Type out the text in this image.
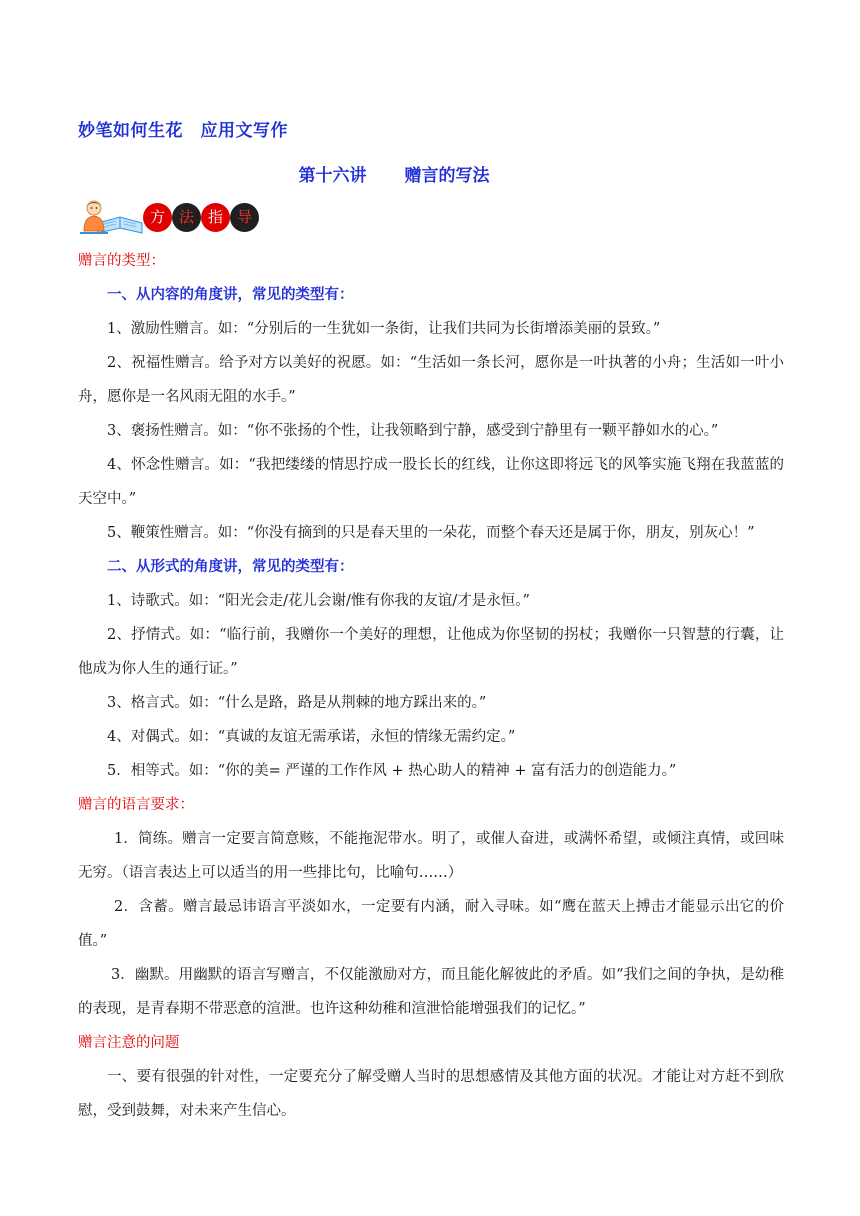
妙笔如何生花　应用文写作
第十六讲 赠言的写法
方 法 指 导

赠言的类型：

一、从内容的角度讲，常见的类型有：

1、激励性赠言。如：“分别后的一生犹如一条街，让我们共同为长街增添美丽的景致。”

2、祝福性赠言。给予对方以美好的祝愿。如：“生活如一条长河，愿你是一叶执著的小舟；生活如一叶小舟，愿你是一名风雨无阻的水手。”

3、褒扬性赠言。如：“你不张扬的个性，让我领略到宁静，感受到宁静里有一颗平静如水的心。”

4、怀念性赠言。如：“我把缕缕的情思拧成一股长长的红线，让你这即将远飞的风筝实施飞翔在我蓝蓝的天空中。”

5、鞭策性赠言。如：“你没有摘到的只是春天里的一朵花，而整个春天还是属于你，朋友，别灰心！”

二、从形式的角度讲，常见的类型有：

1、诗歌式。如：“阳光会走/花儿会谢/惟有你我的友谊/才是永恒。”

2、抒情式。如：“临行前，我赠你一个美好的理想，让他成为你坚韧的拐杖；我赠你一只智慧的行囊，让他成为你人生的通行证。”

3、格言式。如：“什么是路，路是从荆棘的地方踩出来的。”

4、对偶式。如：“真诚的友谊无需承诺，永恒的情缘无需约定。”

5．相等式。如：“你的美= 严谨的工作作风 + 热心助人的精神 + 富有活力的创造能力。”

赠言的语言要求：

1．简练。赠言一定要言简意赅，不能拖泥带水。明了，或催人奋进，或满怀希望，或倾注真情，或回味无穷。（语言表达上可以适当的用一些排比句，比喻句……）

2．含蓄。赠言最忌讳语言平淡如水，一定要有内涵，耐入寻味。如“鹰在蓝天上搏击才能显示出它的价值。”

3．幽默。用幽默的语言写赠言，不仅能激励对方，而且能化解彼此的矛盾。如“我们之间的争执，是幼稚的表现，是青春期不带恶意的渲泄。也许这种幼稚和渲泄恰能增强我们的记忆。”

赠言注意的问题

一、要有很强的针对性，一定要充分了解受赠人当时的思想感情及其他方面的状况。才能让对方赶不到欣慰，受到鼓舞，对未来产生信心。
